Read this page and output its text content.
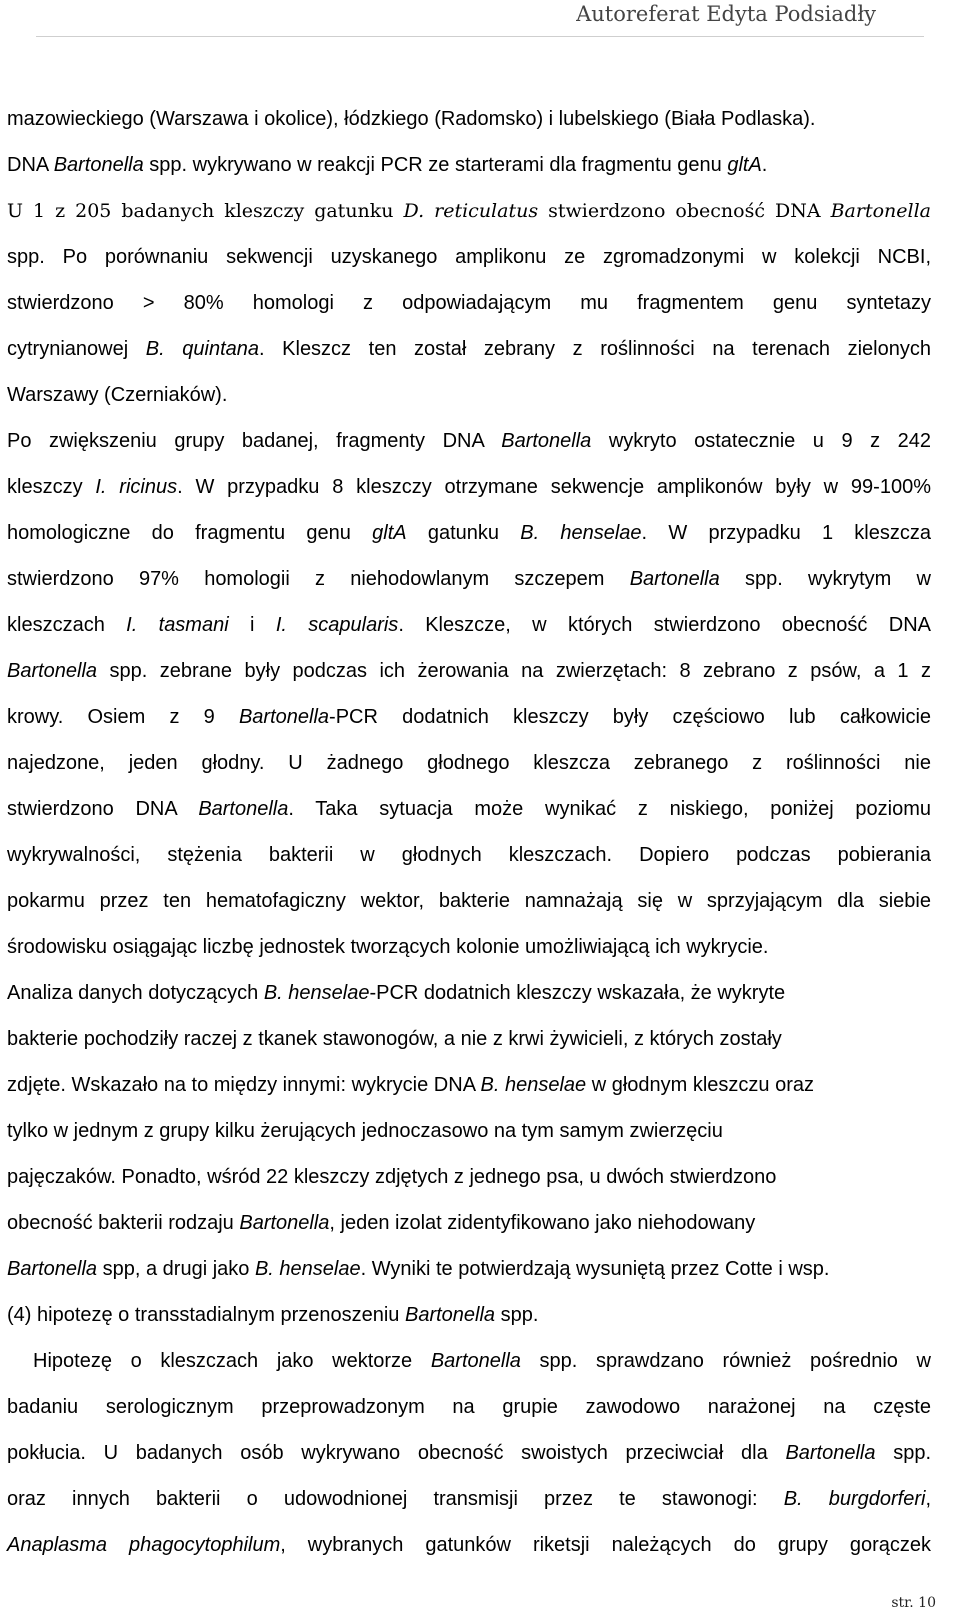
Autoreferat Edyta Podsiadły
mazowieckiego (Warszawa i okolice), łódzkiego (Radomsko) i lubelskiego (Biała Podlaska).
DNA Bartonella spp. wykrywano w reakcji PCR ze starterami dla fragmentu genu gltA.
U 1 z 205 badanych kleszczy gatunku D. reticulatus stwierdzono obecność DNA Bartonella
spp. Po porównaniu sekwencji uzyskanego amplikonu ze zgromadzonymi w kolekcji NCBI,
stwierdzono > 80% homologi z odpowiadającym mu fragmentem genu syntetazy
cytrynianowej B. quintana. Kleszcz ten został zebrany z roślinności na terenach zielonych
Warszawy (Czerniaków).
Po zwiększeniu grupy badanej, fragmenty DNA Bartonella wykryto ostatecznie u 9 z 242
kleszczy I. ricinus. W przypadku 8 kleszczy otrzymane sekwencje amplikonów były w 99-100%
homologiczne do fragmentu genu gltA gatunku B. henselae. W przypadku 1 kleszcza
stwierdzono 97% homologii z niehodowlanym szczepem Bartonella spp. wykrytym w
kleszczach I. tasmani i I. scapularis. Kleszcze, w których stwierdzono obecność DNA
Bartonella spp. zebrane były podczas ich żerowania na zwierzętach: 8 zebrano z psów, a 1 z
krowy. Osiem z 9 Bartonella-PCR dodatnich kleszczy były częściowo lub całkowicie
najedzone, jeden głodny. U żadnego głodnego kleszcza zebranego z roślinności nie
stwierdzono DNA Bartonella. Taka sytuacja może wynikać z niskiego, poniżej poziomu
wykrywalności, stężenia bakterii w głodnych kleszczach. Dopiero podczas pobierania
pokarmu przez ten hematofagiczny wektor, bakterie namnażają się w sprzyjającym dla siebie
środowisku osiągając liczbę jednostek tworzących kolonie umożliwiającą ich wykrycie.
Analiza danych dotyczących B. henselae-PCR dodatnich kleszczy wskazała, że wykryte
bakterie pochodziły raczej z tkanek stawonogów, a nie z krwi żywicieli, z których zostały
zdjęte. Wskazało na to między innymi: wykrycie DNA B. henselae w głodnym kleszczu oraz
tylko w jednym z grupy kilku żerujących jednoczasowo na tym samym zwierzęciu
pajęczaków. Ponadto, wśród 22 kleszczy zdjętych z jednego psa, u dwóch stwierdzono
obecność bakterii rodzaju Bartonella, jeden izolat zidentyfikowano jako niehodowany
Bartonella spp, a drugi jako B. henselae. Wyniki te potwierdzają wysuniętą przez Cotte i wsp.
(4) hipotezę o transstadialnym przenoszeniu Bartonella spp.
Hipotezę o kleszczach jako wektorze Bartonella spp. sprawdzano również pośrednio w
badaniu serologicznym przeprowadzonym na grupie zawodowo narażonej na częste
pokłucia. U badanych osób wykrywano obecność swoistych przeciwciał dla Bartonella spp.
oraz innych bakterii o udowodnionej transmisji przez te stawonogi: B. burgdorferi,
Anaplasma phagocytophilum, wybranych gatunków riketsji należących do grupy gorączek
str. 10
